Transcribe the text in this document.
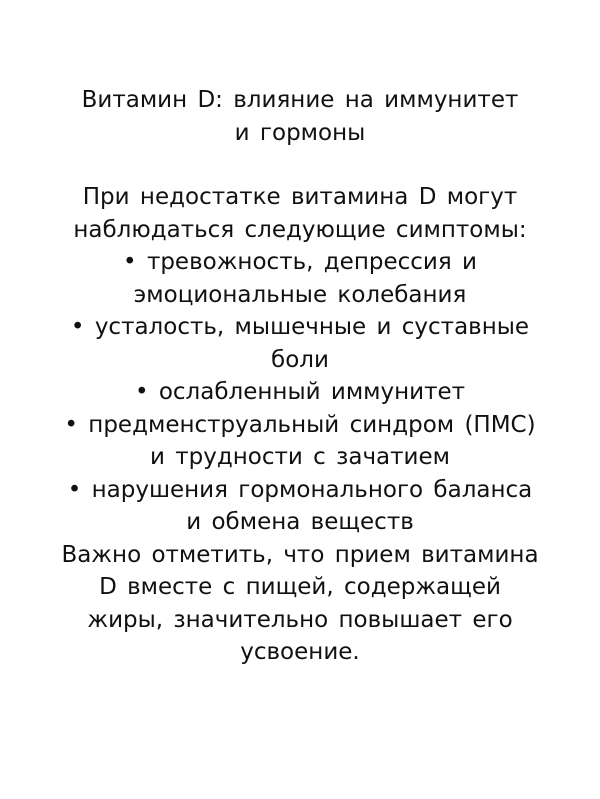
Витамин D: влияние на иммунитет
и гормоны

При недостатке витамина D могут
наблюдаться следующие симптомы:

• тревожность, депрессия и
эмоциональные колебания
• усталость, мышечные и суставные
боли
• ослабленный иммунитет
• предменструальный синдром (ПМС)
и трудности с зачатием
• нарушения гормонального баланса
и обмена веществ

Важно отметить, что прием витамина
D вместе с пищей, содержащей
жиры, значительно повышает его
усвоение.
